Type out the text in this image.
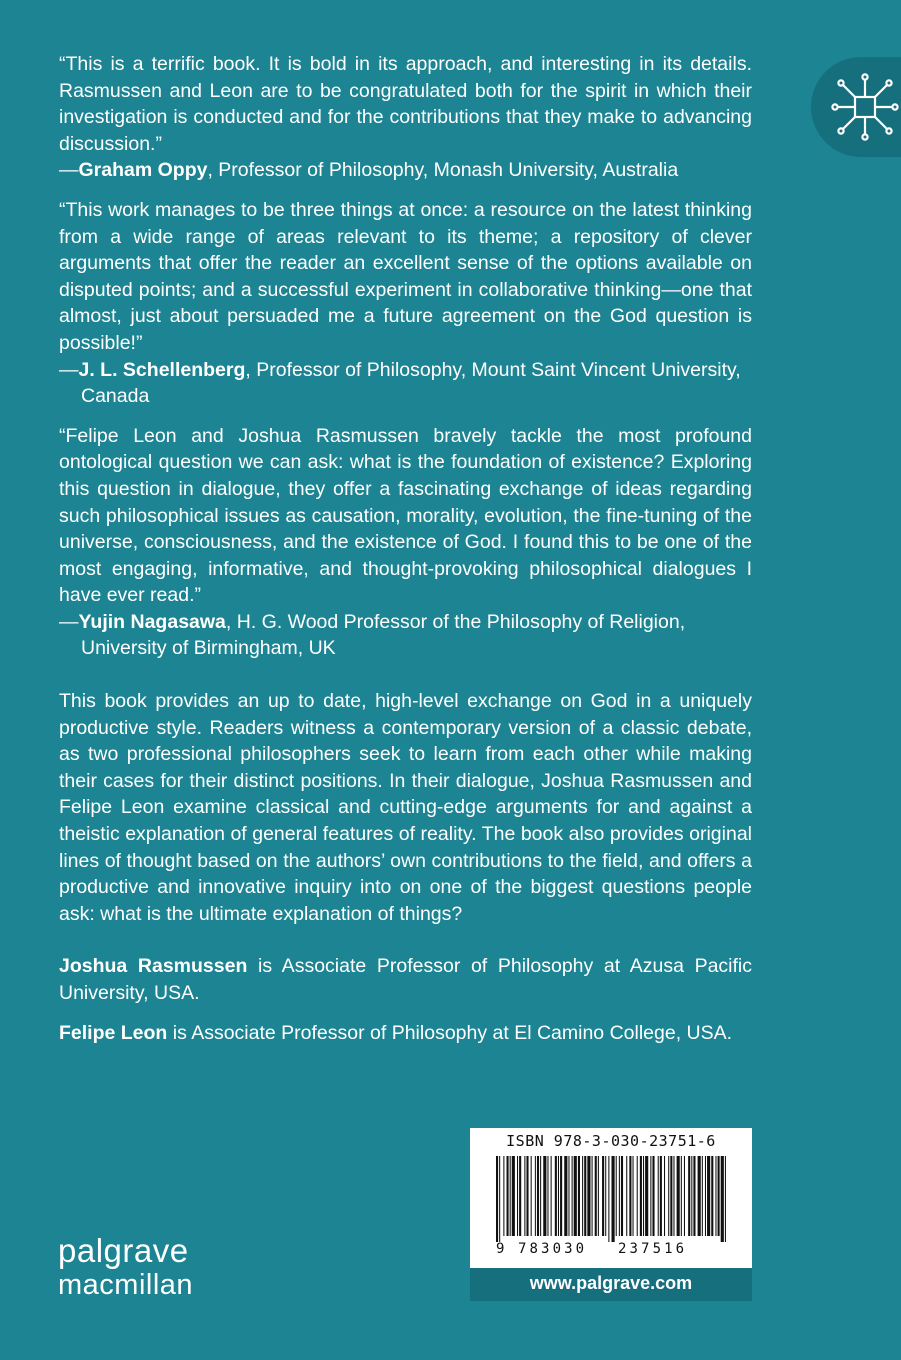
“This is a terrific book. It is bold in its approach, and interesting in its details. Rasmussen and Leon are to be congratulated both for the spirit in which their investigation is conducted and for the contributions that they make to advancing discussion.”

—Graham Oppy, Professor of Philosophy, Monash University, Australia

“This work manages to be three things at once: a resource on the latest thinking from a wide range of areas relevant to its theme; a repository of clever arguments that offer the reader an excellent sense of the options available on disputed points; and a successful experiment in collaborative thinking—one that almost, just about persuaded me a future agreement on the God question is possible!”

—J. L. Schellenberg, Professor of Philosophy, Mount Saint Vincent University,

Canada

“Felipe Leon and Joshua Rasmussen bravely tackle the most profound ontological question we can ask: what is the foundation of existence? Exploring this question in dialogue, they offer a fascinating exchange of ideas regarding such philosophical issues as causation, morality, evolution, the fine-tuning of the universe, consciousness, and the existence of God. I found this to be one of the most engaging, informative, and thought-provoking philosophical dialogues I have ever read.”

—Yujin Nagasawa, H. G. Wood Professor of the Philosophy of Religion,

University of Birmingham, UK

This book provides an up to date, high-level exchange on God in a uniquely productive style. Readers witness a contemporary version of a classic debate, as two professional philosophers seek to learn from each other while making their cases for their distinct positions. In their dialogue, Joshua Rasmussen and Felipe Leon examine classical and cutting-edge arguments for and against a theistic explanation of general features of reality. The book also provides original lines of thought based on the authors’ own contributions to the field, and offers a productive and innovative inquiry into on one of the biggest questions people ask: what is the ultimate explanation of things?

Joshua Rasmussen is Associate Professor of Philosophy at Azusa Pacific University, USA.

Felipe Leon is Associate Professor of Philosophy at El Camino College, USA.

ISBN 978-3-030-23751-6
9 783030 237516
www.palgrave.com
palgrave
macmillan
